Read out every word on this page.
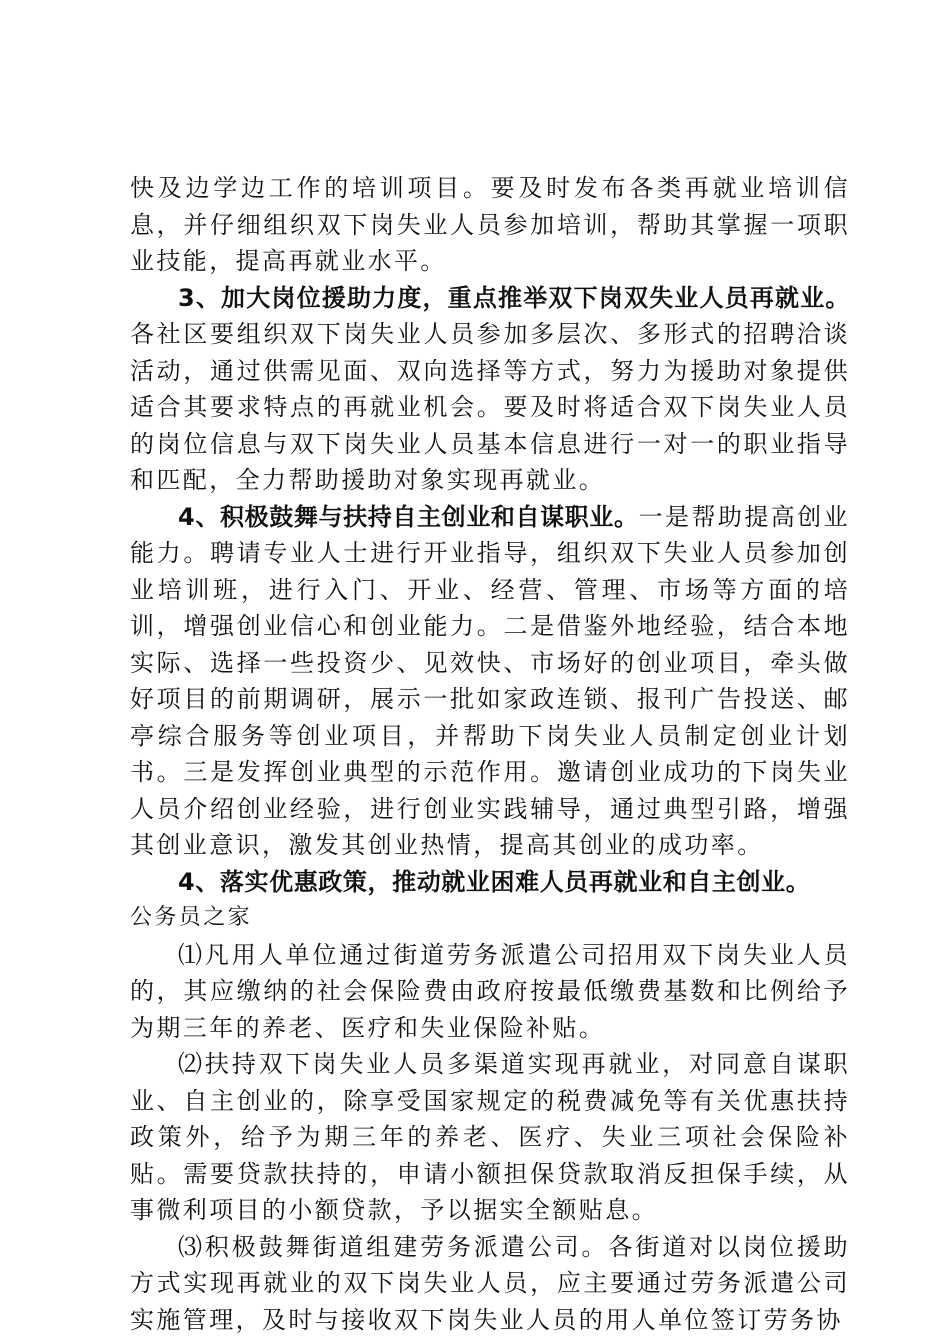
快及边学边工作的培训项目。要及时发布各类再就业培训信息，并仔细组织双下岗失业人员参加培训，帮助其掌握一项职业技能，提高再就业水平。

3、加大岗位援助力度，重点推举双下岗双失业人员再就业。各社区要组织双下岗失业人员参加多层次、多形式的招聘洽谈活动，通过供需见面、双向选择等方式，努力为援助对象提供适合其要求特点的再就业机会。要及时将适合双下岗失业人员的岗位信息与双下岗失业人员基本信息进行一对一的职业指导和匹配，全力帮助援助对象实现再就业。

4、积极鼓舞与扶持自主创业和自谋职业。一是帮助提高创业能力。聘请专业人士进行开业指导，组织双下失业人员参加创业培训班，进行入门、开业、经营、管理、市场等方面的培训，增强创业信心和创业能力。二是借鉴外地经验，结合本地实际、选择一些投资少、见效快、市场好的创业项目，牵头做好项目的前期调研，展示一批如家政连锁、报刊广告投送、邮亭综合服务等创业项目，并帮助下岗失业人员制定创业计划书。三是发挥创业典型的示范作用。邀请创业成功的下岗失业人员介绍创业经验，进行创业实践辅导，通过典型引路，增强其创业意识，激发其创业热情，提高其创业的成功率。

4、落实优惠政策，推动就业困难人员再就业和自主创业。

公务员之家

⑴凡用人单位通过街道劳务派遣公司招用双下岗失业人员的，其应缴纳的社会保险费由政府按最低缴费基数和比例给予为期三年的养老、医疗和失业保险补贴。

⑵扶持双下岗失业人员多渠道实现再就业，对同意自谋职业、自主创业的，除享受国家规定的税费减免等有关优惠扶持政策外，给予为期三年的养老、医疗、失业三项社会保险补贴。需要贷款扶持的，申请小额担保贷款取消反担保手续，从事微利项目的小额贷款，予以据实全额贴息。

⑶积极鼓舞街道组建劳务派遣公司。各街道对以岗位援助方式实现再就业的双下岗失业人员，应主要通过劳务派遣公司实施管理，及时与接收双下岗失业人员的用人单位签订劳务协
